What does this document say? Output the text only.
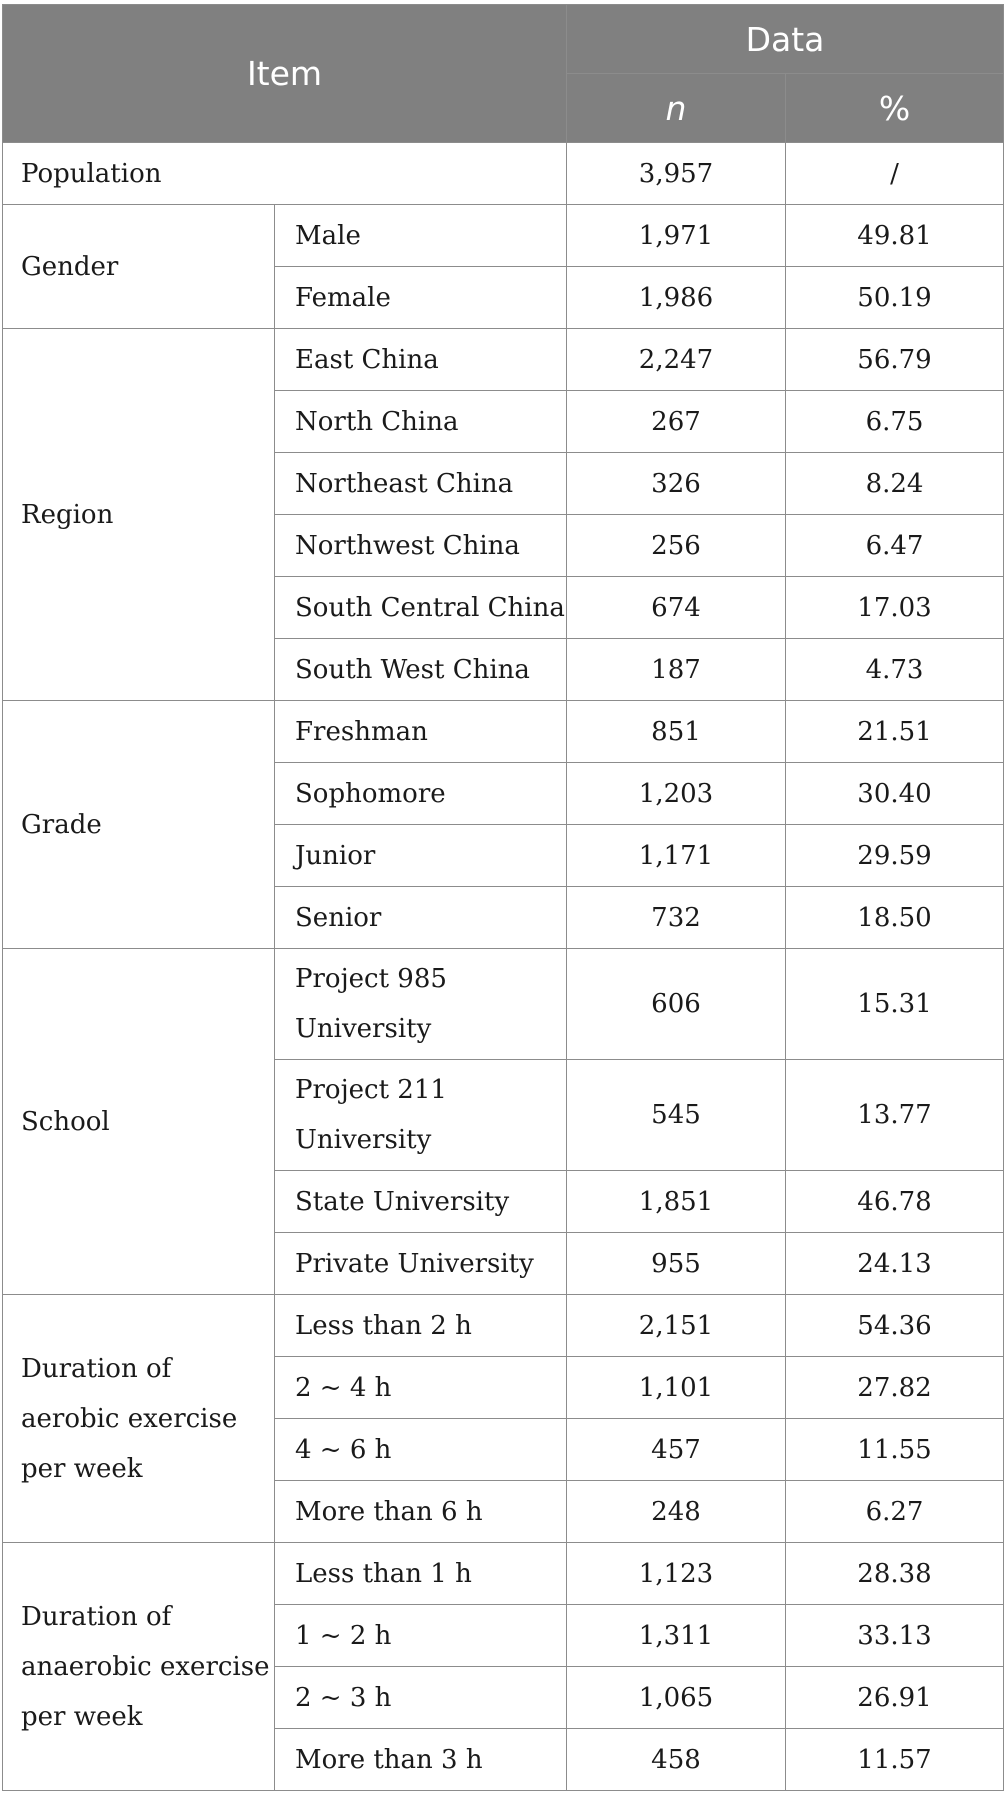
Item		Data	
		n	%
Population		3,957	/
Gender	Male	1,971	49.81
	Female	1,986	50.19
Region	East China	2,247	56.79
	North China	267	6.75
	Northeast China	326	8.24
	Northwest China	256	6.47
	South Central China	674	17.03
	South West China	187	4.73
Grade	Freshman	851	21.51
	Sophomore	1,203	30.40
	Junior	1,171	29.59
	Senior	732	18.50
School	Project 985 University	606	15.31
	Project 211 University	545	13.77
	State University	1,851	46.78
	Private University	955	24.13
Duration of aerobic exercise per week	Less than 2 h	2,151	54.36
	2 ~ 4 h	1,101	27.82
	4 ~ 6 h	457	11.55
	More than 6 h	248	6.27
Duration of anaerobic exercise per week	Less than 1 h	1,123	28.38
	1 ~ 2 h	1,311	33.13
	2 ~ 3 h	1,065	26.91
	More than 3 h	458	11.57
